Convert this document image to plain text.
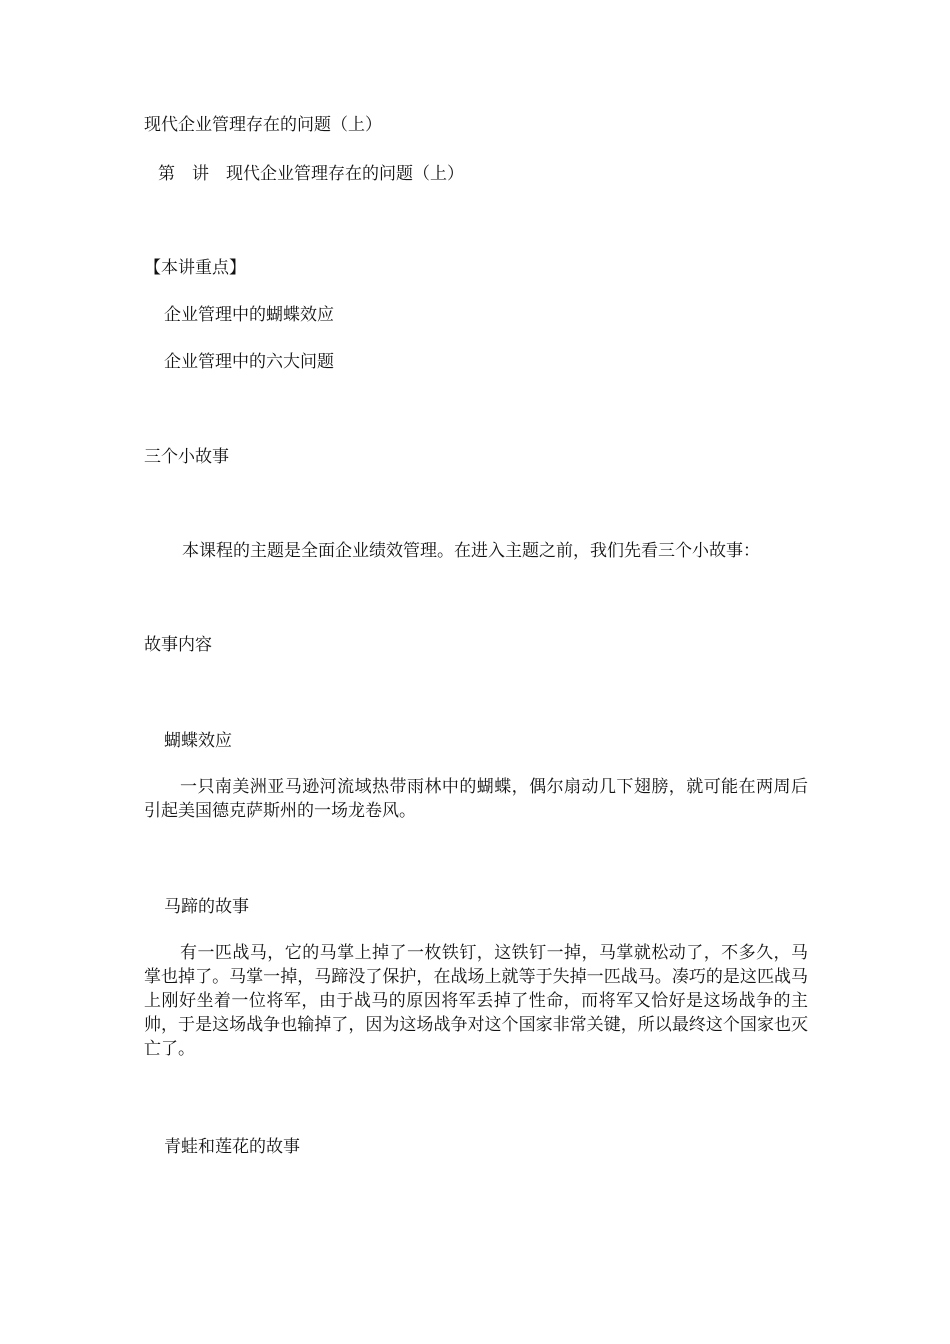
现代企业管理存在的问题（上）
第　讲　现代企业管理存在的问题（上）
【本讲重点】
企业管理中的蝴蝶效应
企业管理中的六大问题
三个小故事
本课程的主题是全面企业绩效管理。在进入主题之前，我们先看三个小故事：
故事内容
蝴蝶效应
一只南美洲亚马逊河流域热带雨林中的蝴蝶，偶尔扇动几下翅膀，就可能在两周后引起美国德克萨斯州的一场龙卷风。
马蹄的故事
有一匹战马，它的马掌上掉了一枚铁钉，这铁钉一掉，马掌就松动了，不多久，马掌也掉了。马掌一掉，马蹄没了保护，在战场上就等于失掉一匹战马。凑巧的是这匹战马上刚好坐着一位将军，由于战马的原因将军丢掉了性命，而将军又恰好是这场战争的主帅，于是这场战争也输掉了，因为这场战争对这个国家非常关键，所以最终这个国家也灭亡了。
青蛙和莲花的故事
